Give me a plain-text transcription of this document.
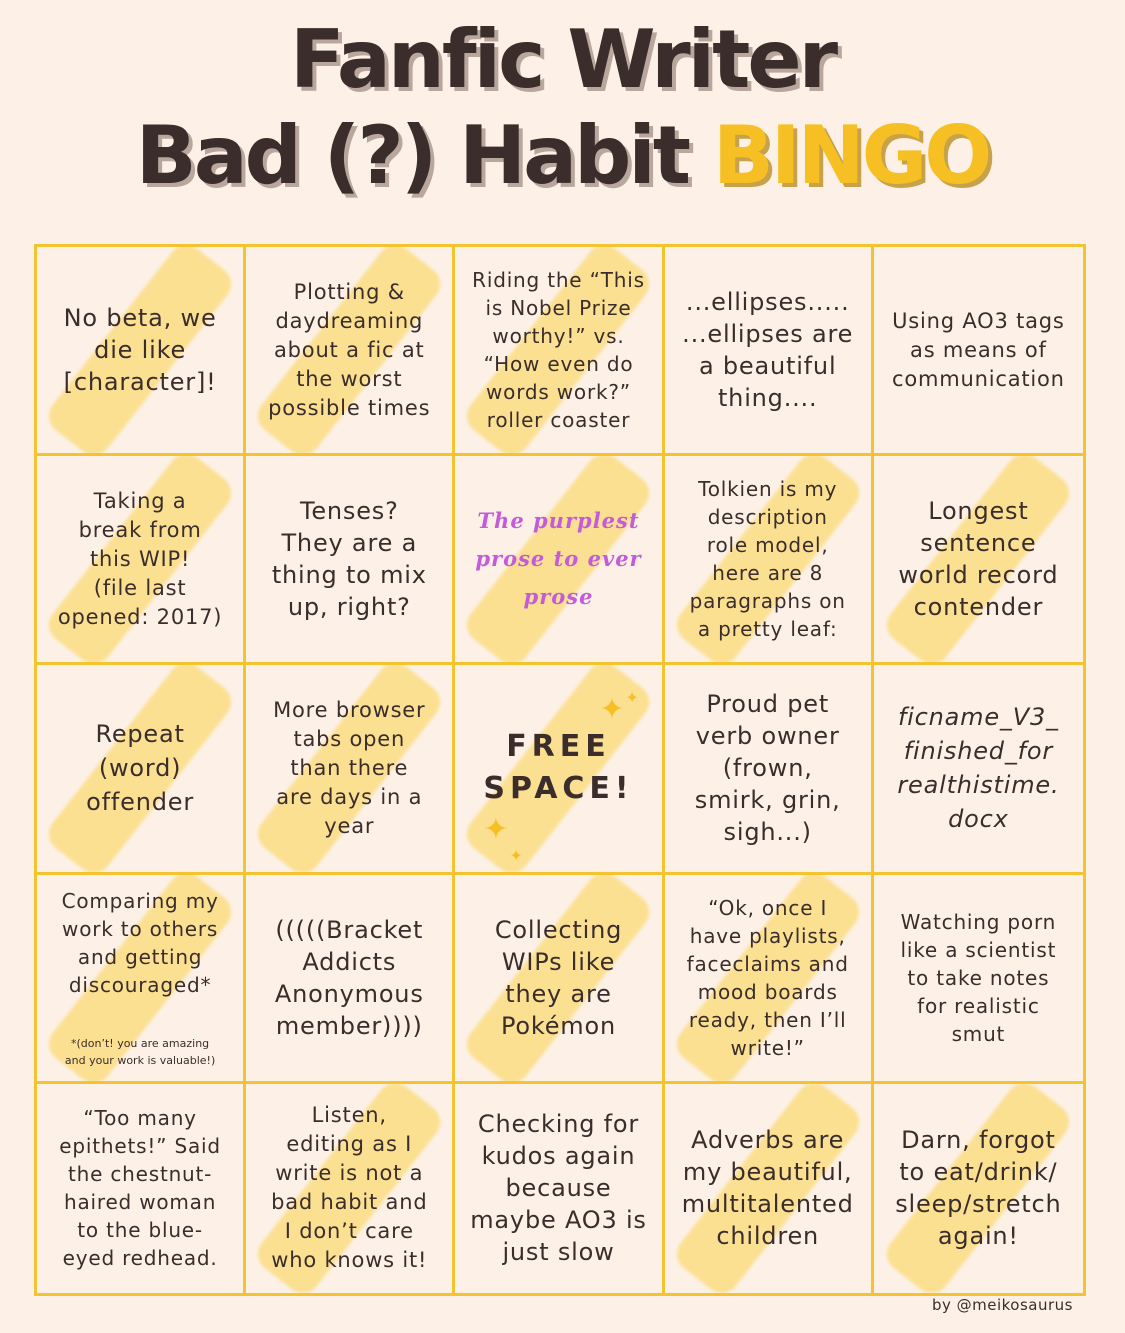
Fanfic Writer
Bad (?) Habit BINGO
No beta, we
die like
[character]!
Plotting &
daydreaming
about a fic at
the worst
possible times
Riding the “This
is Nobel Prize
worthy!” vs.
“How even do
words work?”
roller coaster
...ellipses.....
...ellipses are
a beautiful
thing....
Using AO3 tags
as means of
communication
Taking a
break from
this WIP!
(file last
opened: 2017)
Tenses?
They are a
thing to mix
up, right?
The purplest
prose to ever
prose
Tolkien is my
description
role model,
here are 8
paragraphs on
a pretty leaf:
Longest
sentence
world record
contender
Repeat
(word)
offender
More browser
tabs open
than there
are days in a
year
✦ ✦
✦
✦
FREE
SPACE!
Proud pet
verb owner
(frown,
smirk, grin,
sigh...)
ficname_V3_
finished_for
realthistime.
docx
Comparing my
work to others
and getting
discouraged*
*(don’t! you are amazing
and your work is valuable!)
(((((Bracket
Addicts
Anonymous
member))))
Collecting
WIPs like
they are
Pokémon
“Ok, once I
have playlists,
faceclaims and
mood boards
ready, then I’ll
write!”
Watching porn
like a scientist
to take notes
for realistic
smut
“Too many
epithets!” Said
the chestnut-
haired woman
to the blue-
eyed redhead.
Listen,
editing as I
write is not a
bad habit and
I don’t care
who knows it!
Checking for
kudos again
because
maybe AO3 is
just slow
Adverbs are
my beautiful,
multitalented
children
Darn, forgot
to eat/drink/
sleep/stretch
again!
by @meikosaurus
